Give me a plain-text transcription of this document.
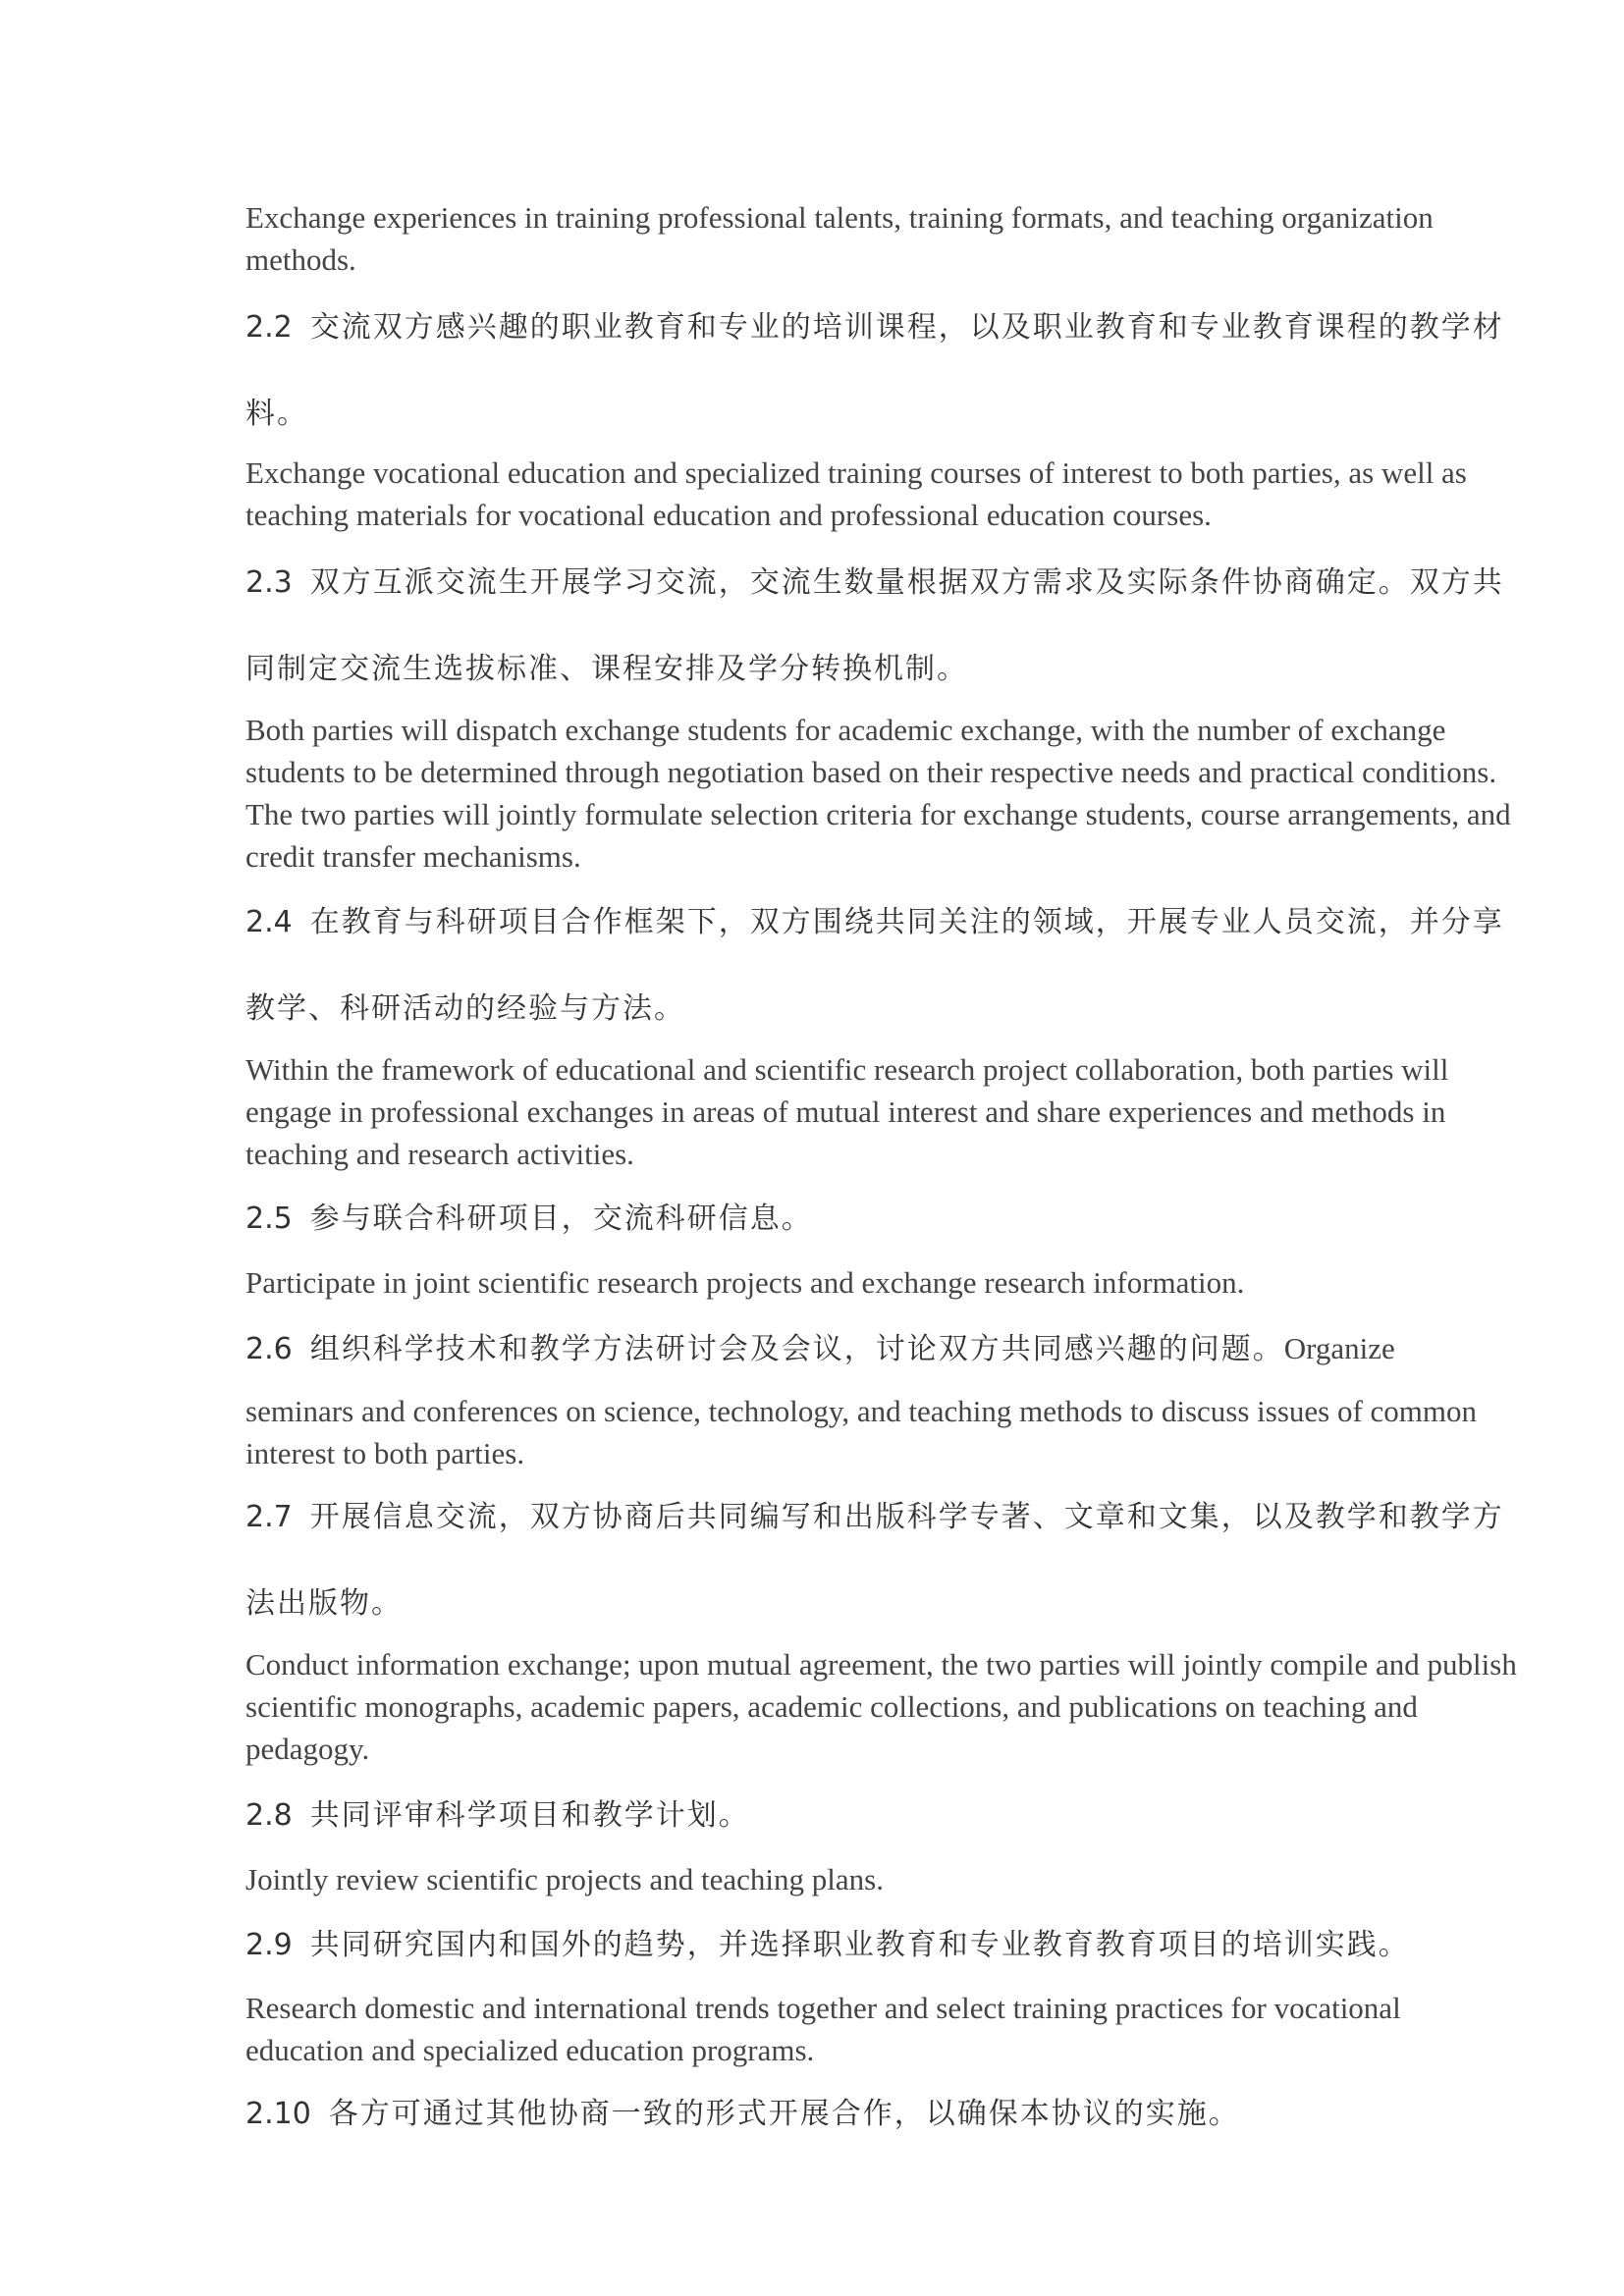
Exchange experiences in training professional talents, training formats, and teaching organization methods.

2.2 交流双方感兴趣的职业教育和专业的培训课程，以及职业教育和专业教育课程的教学材料。

Exchange vocational education and specialized training courses of interest to both parties, as well as teaching materials for vocational education and professional education courses.

2.3 双方互派交流生开展学习交流，交流生数量根据双方需求及实际条件协商确定。双方共同制定交流生选拔标准、课程安排及学分转换机制。

Both parties will dispatch exchange students for academic exchange, with the number of exchange students to be determined through negotiation based on their respective needs and practical conditions. The two parties will jointly formulate selection criteria for exchange students, course arrangements, and credit transfer mechanisms.

2.4 在教育与科研项目合作框架下，双方围绕共同关注的领域，开展专业人员交流，并分享教学、科研活动的经验与方法。

Within the framework of educational and scientific research project collaboration, both parties will engage in professional exchanges in areas of mutual interest and share experiences and methods in teaching and research activities.

2.5 参与联合科研项目，交流科研信息。

Participate in joint scientific research projects and exchange research information.

2.6 组织科学技术和教学方法研讨会及会议，讨论双方共同感兴趣的问题。Organize

seminars and conferences on science, technology, and teaching methods to discuss issues of common interest to both parties.

2.7 开展信息交流，双方协商后共同编写和出版科学专著、文章和文集，以及教学和教学方法出版物。

Conduct information exchange; upon mutual agreement, the two parties will jointly compile and publish scientific monographs, academic papers, academic collections, and publications on teaching and pedagogy.

2.8 共同评审科学项目和教学计划。

Jointly review scientific projects and teaching plans.

2.9 共同研究国内和国外的趋势，并选择职业教育和专业教育教育项目的培训实践。

Research domestic and international trends together and select training practices for vocational education and specialized education programs.

2.10 各方可通过其他协商一致的形式开展合作，以确保本协议的实施。
